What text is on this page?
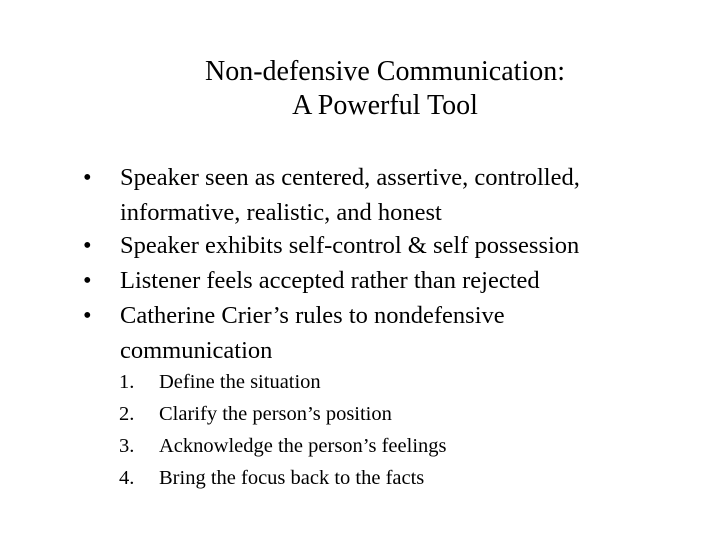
Non-defensive Communication:
A Powerful Tool
• Speaker seen as centered, assertive, controlled,
informative, realistic, and honest
• Speaker exhibits self-control & self possession
• Listener feels accepted rather than rejected
• Catherine Crier’s rules to nondefensive
communication
1. Define the situation
2. Clarify the person’s position
3. Acknowledge the person’s feelings
4. Bring the focus back to the facts
